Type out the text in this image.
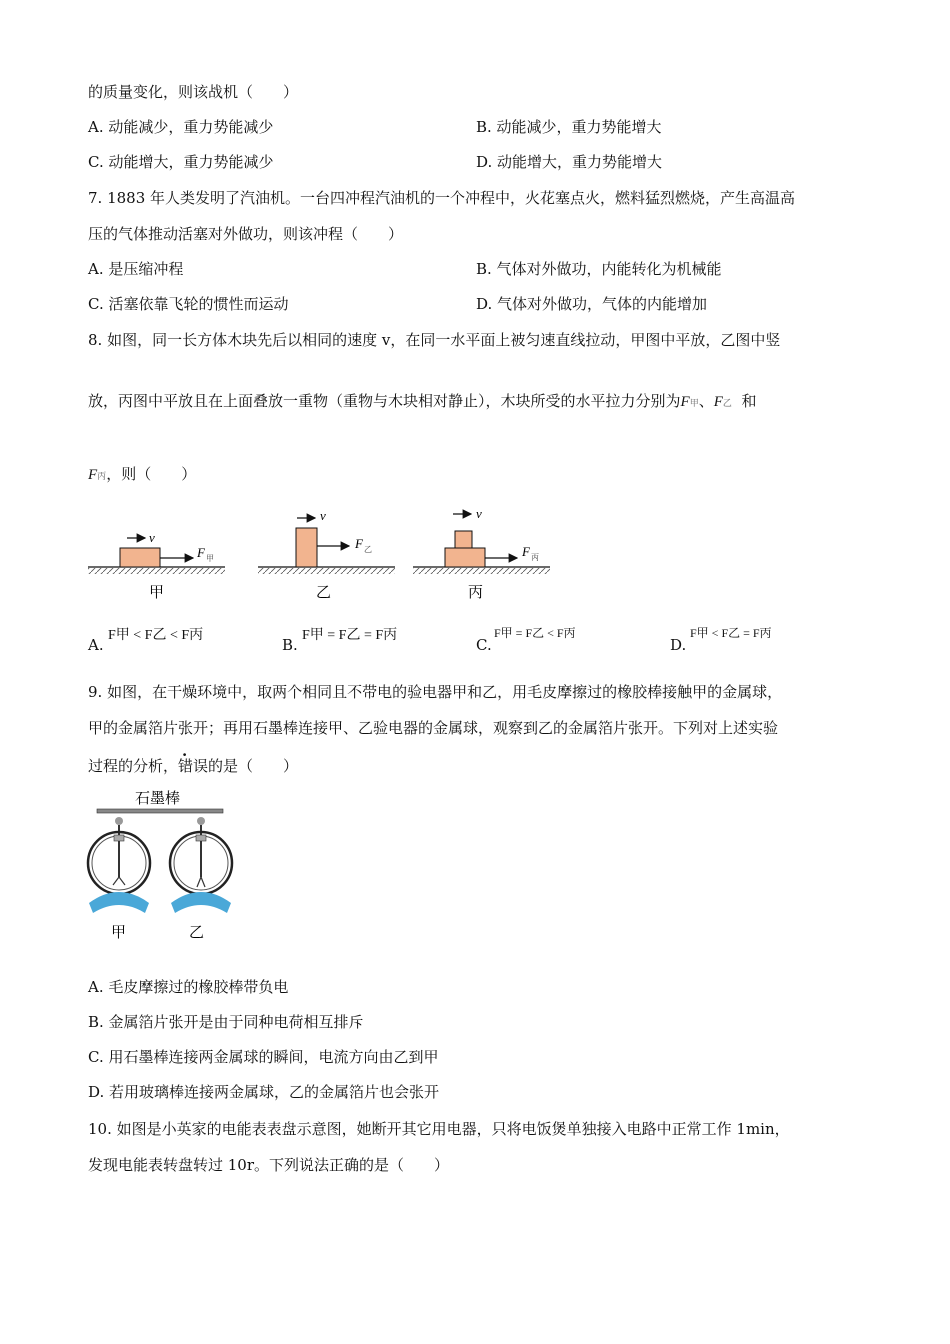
的质量变化，则该战机（　　）
A. 动能减少，重力势能减少	B. 动能减少，重力势能增大
C. 动能增大，重力势能减少	D. 动能增大，重力势能增大
7. 1883 年人类发明了汽油机。一台四冲程汽油机的一个冲程中，火花塞点火，燃料猛烈燃烧，产生高温高
压的气体推动活塞对外做功，则该冲程（　　）
A. 是压缩冲程	B. 气体对外做功，内能转化为机械能
C. 活塞依靠飞轮的惯性而运动	D. 气体对外做功，气体的内能增加
8. 如图，同一长方体木块先后以相同的速度 v，在同一水平面上被匀速直线拉动，甲图中平放，乙图中竖
放，丙图中平放且在上面叠放一重物（重物与木块相对静止），木块所受的水平拉力分别为F甲、F乙 和
F丙，则（　　）
v
F 甲
甲
v
F 乙
乙
v
F 丙
丙
A.
F甲 < F乙 < F丙
B.
F甲 = F乙 = F丙
C.
F甲 = F乙 < F丙
D.
F甲 < F乙 = F丙
9. 如图，在干燥环境中，取两个相同且不带电的验电器甲和乙，用毛皮摩擦过的橡胶棒接触甲的金属球，
甲的金属箔片张开；再用石墨棒连接甲、乙验电器的金属球，观察到乙的金属箔片张开。下列对上述实验
过程的分析，错误的是（　　）
石墨棒
甲	乙
A. 毛皮摩擦过的橡胶棒带负电
B. 金属箔片张开是由于同种电荷相互排斥
C. 用石墨棒连接两金属球的瞬间，电流方向由乙到甲
D. 若用玻璃棒连接两金属球，乙的金属箔片也会张开
10. 如图是小英家的电能表表盘示意图，她断开其它用电器，只将电饭煲单独接入电路中正常工作 1min，
发现电能表转盘转过 10r。下列说法正确的是（　　）
